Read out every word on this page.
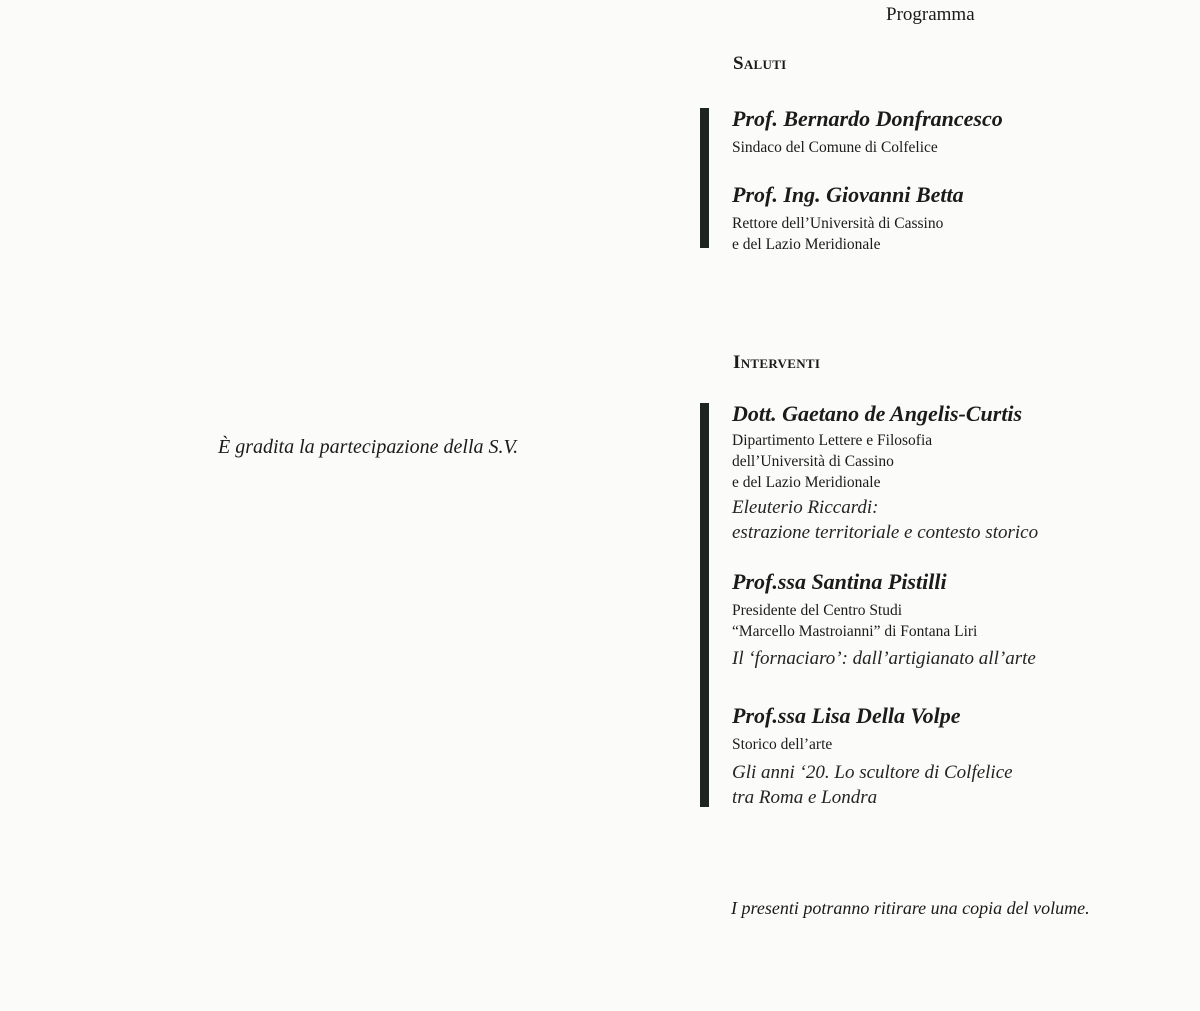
Programma
Saluti
Prof. Bernardo Donfrancesco
Sindaco del Comune di Colfelice
Prof. Ing. Giovanni Betta
Rettore dell’Università di Cassino
e del Lazio Meridionale
Interventi
Dott. Gaetano de Angelis-Curtis
Dipartimento Lettere e Filosofia
dell’Università di Cassino
e del Lazio Meridionale
Eleuterio Riccardi:
estrazione territoriale e contesto storico
Prof.ssa Santina Pistilli
Presidente del Centro Studi
“Marcello Mastroianni” di Fontana Liri
Il ‘fornaciaro’: dall’artigianato all’arte
Prof.ssa Lisa Della Volpe
Storico dell’arte
Gli anni ‘20. Lo scultore di Colfelice
tra Roma e Londra
È gradita la partecipazione della S.V.
I presenti potranno ritirare una copia del volume.
